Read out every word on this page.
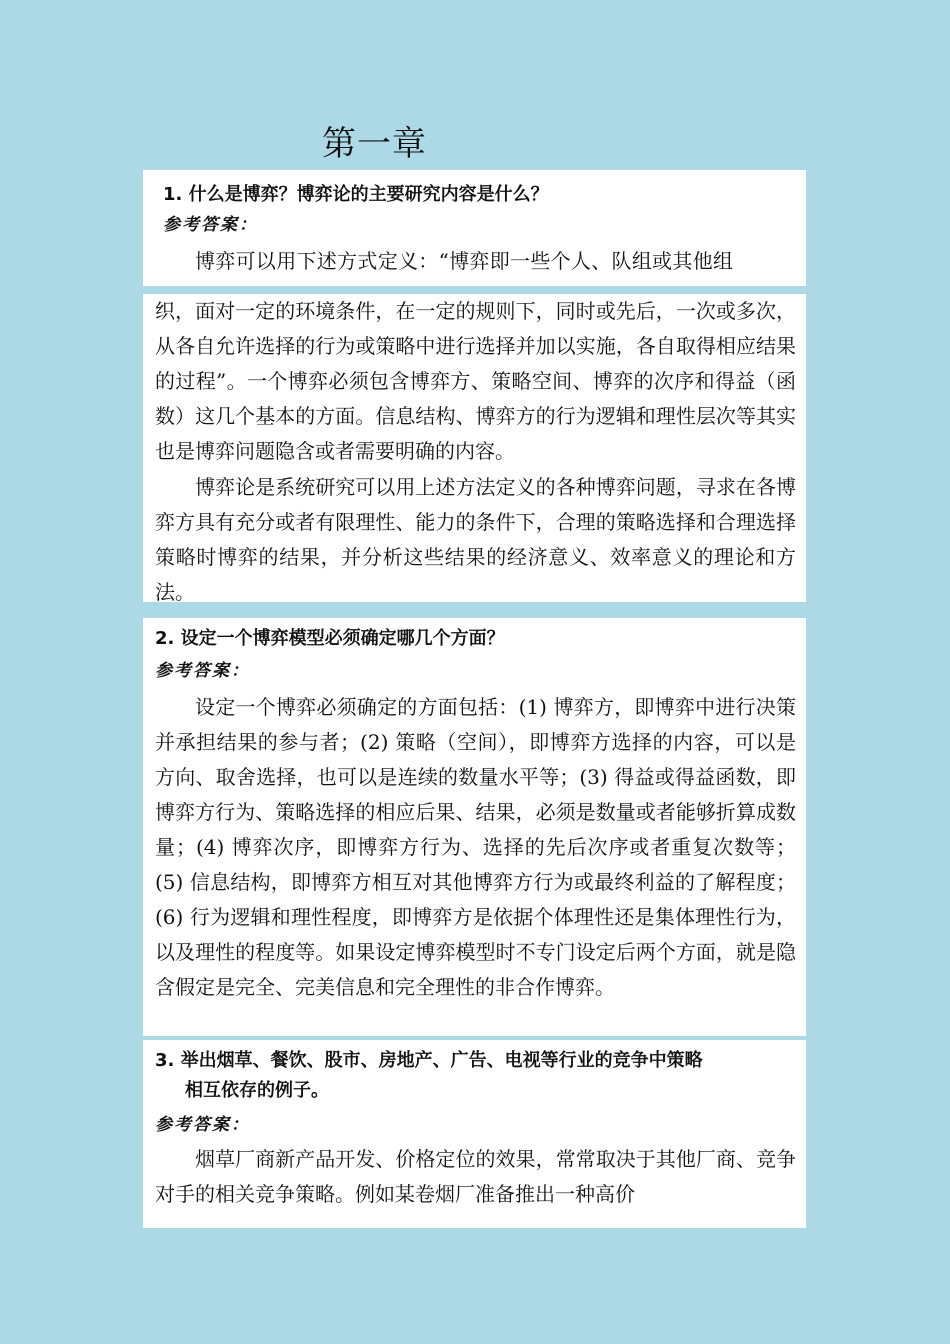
第一章

1. 什么是博弈？博弈论的主要研究内容是什么？

参考答案：

博弈可以用下述方式定义：“博弈即一些个人、队组或其他组

织，面对一定的环境条件，在一定的规则下，同时或先后，一次或多次，从各自允许选择的行为或策略中进行选择并加以实施，各自取得相应结果的过程”。一个博弈必须包含博弈方、策略空间、博弈的次序和得益（函数）这几个基本的方面。信息结构、博弈方的行为逻辑和理性层次等其实也是博弈问题隐含或者需要明确的内容。

博弈论是系统研究可以用上述方法定义的各种博弈问题，寻求在各博弈方具有充分或者有限理性、能力的条件下，合理的策略选择和合理选择策略时博弈的结果，并分析这些结果的经济意义、效率意义的理论和方法。

2. 设定一个博弈模型必须确定哪几个方面？

参考答案：

设定一个博弈必须确定的方面包括：(1) 博弈方，即博弈中进行决策并承担结果的参与者；(2) 策略（空间），即博弈方选择的内容，可以是方向、取舍选择，也可以是连续的数量水平等；(3) 得益或得益函数，即博弈方行为、策略选择的相应后果、结果，必须是数量或者能够折算成数量；(4) 博弈次序，即博弈方行为、选择的先后次序或者重复次数等；(5) 信息结构，即博弈方相互对其他博弈方行为或最终利益的了解程度；(6) 行为逻辑和理性程度，即博弈方是依据个体理性还是集体理性行为，以及理性的程度等。如果设定博弈模型时不专门设定后两个方面，就是隐含假定是完全、完美信息和完全理性的非合作博弈。

3. 举出烟草、餐饮、股市、房地产、广告、电视等行业的竞争中策略

相互依存的例子。

参考答案：

烟草厂商新产品开发、价格定位的效果，常常取决于其他厂商、竞争对手的相关竞争策略。例如某卷烟厂准备推出一种高价
